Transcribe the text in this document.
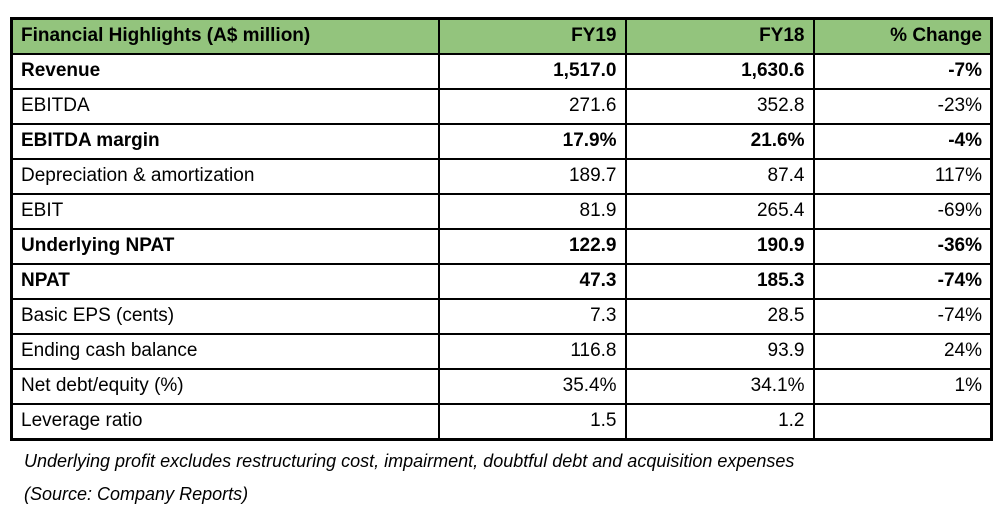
Financial Highlights (A$ million)	FY19	FY18	% Change
Revenue	1,517.0	1,630.6	-7%
EBITDA	271.6	352.8	-23%
EBITDA margin	17.9%	21.6%	-4%
Depreciation & amortization	189.7	87.4	117%
EBIT	81.9	265.4	-69%
Underlying NPAT	122.9	190.9	-36%
NPAT	47.3	185.3	-74%
Basic EPS (cents)	7.3	28.5	-74%
Ending cash balance	116.8	93.9	24%
Net debt/equity (%)	35.4%	34.1%	1%
Leverage ratio	1.5	1.2	

Underlying profit excludes restructuring cost, impairment, doubtful debt and acquisition expenses

(Source: Company Reports)
